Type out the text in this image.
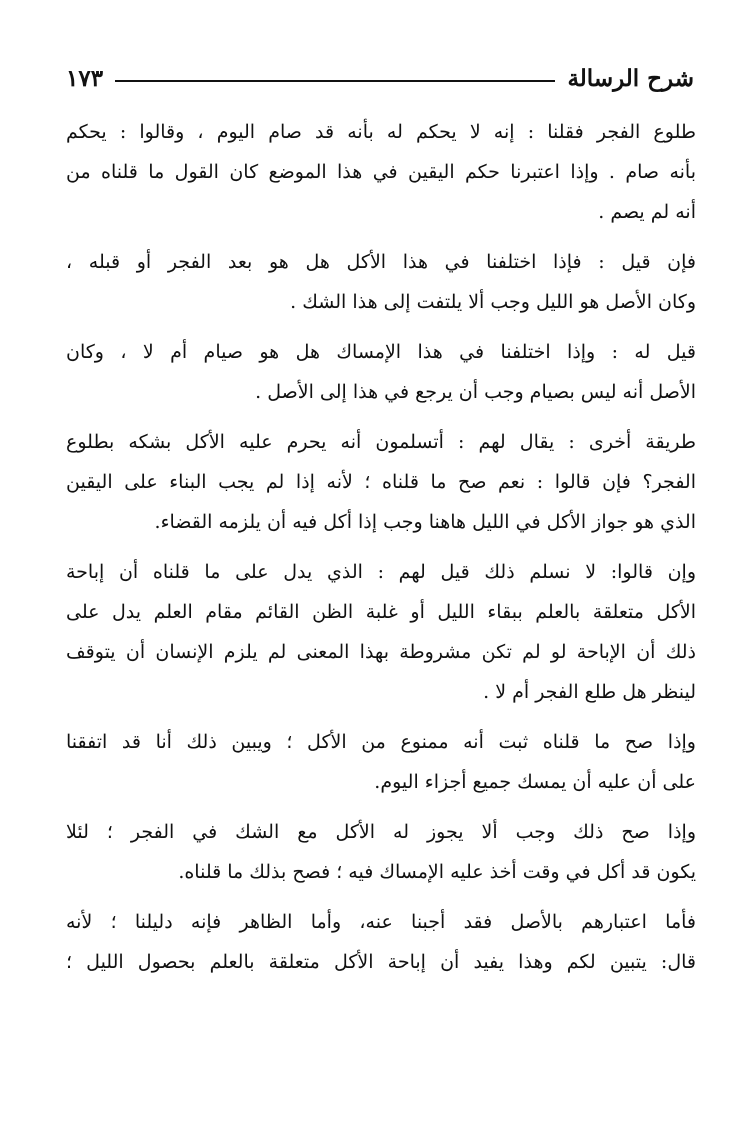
شرح الرسالة
١٧٣

طلوع الفجر فقلنا : إنه لا يحكم له بأنه قد صام اليوم ، وقالوا : يحكم
بأنه صام . وإذا اعتبرنا حكم اليقين في هذا الموضع كان القول ما قلناه من
أنه لم يصم .

فإن قيل : فإذا اختلفنا في هذا الأكل هل هو بعد الفجر أو قبله ،
وكان الأصل هو الليل وجب ألا يلتفت إلى هذا الشك .

قيل له : وإذا اختلفنا في هذا الإمساك هل هو صيام أم لا ، وكان
الأصل أنه ليس بصيام وجب أن يرجع في هذا إلى الأصل .

طريقة أخرى : يقال لهم : أتسلمون أنه يحرم عليه الأكل بشكه بطلوع
الفجر؟ فإن قالوا : نعم صح ما قلناه ؛ لأنه إذا لم يجب البناء على اليقين
الذي هو جواز الأكل في الليل هاهنا وجب إذا أكل فيه أن يلزمه القضاء.

وإن قالوا: لا نسلم ذلك قيل لهم : الذي يدل على ما قلناه أن إباحة
الأكل متعلقة بالعلم ببقاء الليل أو غلبة الظن القائم مقام العلم يدل على
ذلك أن الإباحة لو لم تكن مشروطة بهذا المعنى لم يلزم الإنسان أن يتوقف
لينظر هل طلع الفجر أم لا .

وإذا صح ما قلناه ثبت أنه ممنوع من الأكل ؛ ويبين ذلك أنا قد اتفقنا
على أن عليه أن يمسك جميع أجزاء اليوم.

وإذا صح ذلك وجب ألا يجوز له الأكل مع الشك في الفجر ؛ لئلا
يكون قد أكل في وقت أخذ عليه الإمساك فيه ؛ فصح بذلك ما قلناه.

فأما اعتبارهم بالأصل فقد أجبنا عنه، وأما الظاهر فإنه دليلنا ؛ لأنه
قال: يتبين لكم وهذا يفيد أن إباحة الأكل متعلقة بالعلم بحصول الليل ؛
